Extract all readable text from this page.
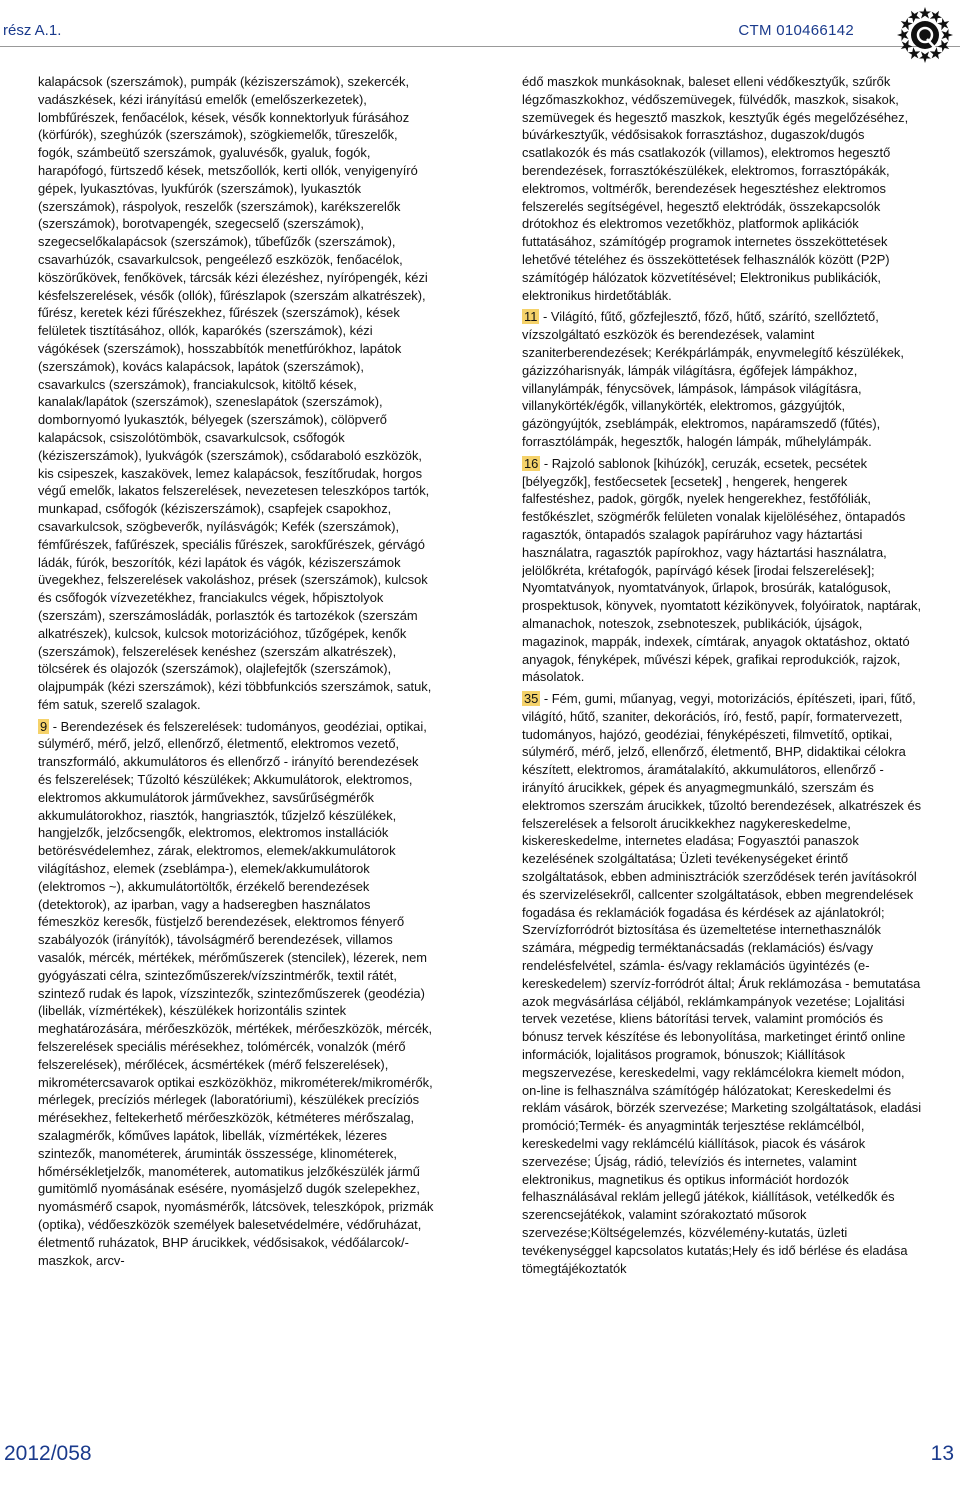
rész A.1.	CTM 010466142

kalapácsok (szerszámok), pumpák (kéziszerszámok), szekercék, vadászkések, kézi irányítású emelők (emelőszerkezetek), lombfűrészek, fenőacélok, kések, vésők konnektorlyuk fúrásához (körfúrók), szeghúzók (szerszámok), szögkiemelők, tűreszelők, fogók, számbeütő szerszámok, gyaluvésők, gyaluk, fogók, harapófogó, fürtszedő kések, metszőollók, kerti ollók, venyigenyíró gépek, lyukasztóvas, lyukfúrók (szerszámok), lyukasztók (szerszámok), ráspolyok, reszelők (szerszámok), karékszerelők (szerszámok), borotvapengék, szegecselő (szerszámok), szegecselőkalapácsok (szerszámok), tűbefűzők (szerszámok), csavarhúzók, csavarkulcsok, pengeélező eszközök, fenőacélok, köszörűkövek, fenőkövek, tárcsák kézi élezéshez, nyírópengék, kézi késfelszerelések, vésők (ollók), fűrészlapok (szerszám alkatrészek), fűrész, keretek kézi fűrészekhez, fűrészek (szerszámok), kések felületek tisztításához, ollók, kaparókés (szerszámok), kézi vágókések (szerszámok), hosszabbítók menetfúrókhoz, lapátok (szerszámok), kovács kalapácsok, lapátok (szerszámok), csavarkulcs (szerszámok), franciakulcsok, kitöltő kések, kanalak/lapátok (szerszámok), szeneslapátok (szerszámok), dombornyomó lyukasztók, bélyegek (szerszámok), cölöpverő kalapácsok, csiszolótömbök, csavarkulcsok, csőfogók (kéziszerszámok), lyukvágók (szerszámok), csődaraboló eszközök, kis csipeszek, kaszakövek, lemez kalapácsok, feszítőrudak, horgos végű emelők, lakatos felszerelések, nevezetesen teleszkópos tartók, munkapad, csőfogók (kéziszerszámok), csapfejek csapokhoz, csavarkulcsok, szögbeverők, nyílásvágók; Kefék (szerszámok), fémfűrészek, fafűrészek, speciális fűrészek, sarokfűrészek, gérvágó ládák, fúrók, beszorítók, kézi lapátok és vágók, kéziszerszámok üvegekhez, felszerelések vakoláshoz, prések (szerszámok), kulcsok és csőfogók vízvezetékhez, franciakulcs végek, hőpisztolyok (szerszám), szerszámosládák, porlasztók és tartozékok (szerszám alkatrészek), kulcsok, kulcsok motorizációhoz, tűzőgépek, kenők (szerszámok), felszerelések kenéshez (szerszám alkatrészek), tölcsérek és olajozók (szerszámok), olajlefejtők (szerszámok), olajpumpák (kézi szerszámok), kézi többfunkciós szerszámok, satuk, fém satuk, szerelő szalagok.

9 - Berendezések és felszerelések: tudományos, geodéziai, optikai, súlymérő, mérő, jelző, ellenőrző, életmentő, elektromos vezető, transzformáló, akkumulátoros és ellenőrző - irányító berendezések és felszerelések; Tűzoltó készülékek; Akkumulátorok, elektromos, elektromos akkumulátorok járművekhez, savsűrűségmérők akkumulátorokhoz, riasztók, hangriasztók, tűzjelző készülékek, hangjelzők, jelzőcsengők, elektromos, elektromos installációk betörésvédelemhez, zárak, elektromos, elemek/akkumulátorok világításhoz, elemek (zseblámpa-), elemek/akkumulátorok (elektromos ~), akkumulátortöltők, érzékelő berendezések (detektorok), az iparban, vagy a hadseregben használatos fémeszköz keresők, füstjelző berendezések, elektromos fényerő szabályozók (irányítók), távolságmérő berendezések, villamos vasalók, mércék, mértékek, mérőműszerek (stencilek), lézerek, nem gyógyászati célra, szintezőműszerek/vízszintmérők, textil rátét, szintező rudak és lapok, vízszintezők, szintezőműszerek (geodézia) (libellák, vízmértékek), készülékek horizontális szintek meghatározására, mérőeszközök, mértékek, mérőeszközök, mércék, felszerelések speciális mérésekhez, tolómércék, vonalzók (mérő felszerelések), mérőlécek, ácsmértékek (mérő felszerelések), mikrométercsavarok optikai eszközökhöz, mikrométerek/mikromérők, mérlegek, precíziós mérlegek (laboratóriumi), készülékek precíziós mérésekhez, feltekerhető mérőeszközök, kétméteres mérőszalag, szalagmérők, kőműves lapátok, libellák, vízmértékek, lézeres szintezők, manométerek, áruminták összessége, klinométerek, hőmérsékletjelzők, manométerek, automatikus jelzőkészülék jármű gumitömlő nyomásának esésére, nyomásjelző dugók szelepekhez, nyomásmérő csapok, nyomásmérők, látcsövek, teleszkópok, prizmák (optika), védőeszközök személyek balesetvédelmére, védőruházat, életmentő ruházatok, BHP árucikkek, védősisakok, védőálarcok/-maszkok, arcv-

édő maszkok munkásoknak, baleset elleni védőkesztyűk, szűrők légzőmaszkokhoz, védőszemüvegek, fülvédők, maszkok, sisakok, szemüvegek és hegesztő maszkok, kesztyűk égés megelőzéséhez, búvárkesztyűk, védősisakok forrasztáshoz, dugaszok/dugós csatlakozók és más csatlakozók (villamos), elektromos hegesztő berendezések, forrasztókészülékek, elektromos, forrasztópákák, elektromos, voltmérők, berendezések hegesztéshez elektromos felszerelés segítségével, hegesztő elektródák, összekapcsolók drótokhoz és elektromos vezetőkhöz, platformok aplikációk futtatásához, számítógép programok internetes összeköttetések lehetővé tételéhez és összeköttetések felhasználók között (P2P) számítógép hálózatok közvetítésével; Elektronikus publikációk, elektronikus hirdetőtáblák.

11 - Világító, fűtő, gőzfejlesztő, főző, hűtő, szárító, szellőztető, vízszolgáltató eszközök és berendezések, valamint szaniterberendezések; Kerékpárlámpák, enyvmelegítő készülékek, gázizzóharisnyák, lámpák világításra, égőfejek lámpákhoz, villanylámpák, fénycsövek, lámpások, lámpások világításra, villanykörték/égők, villanykörték, elektromos, gázgyújtók, gázöngyújtók, zseblámpák, elektromos, napáramszedő (fűtés), forrasztólámpák, hegesztők, halogén lámpák, műhelylámpák.

16 - Rajzoló sablonok [kihúzók], ceruzák, ecsetek, pecsétek [bélyegzők], festőecsetek [ecsetek] , hengerek, hengerek falfestéshez, padok, görgők, nyelek hengerekhez, festőfóliák, festőkészlet, szögmérők felületen vonalak kijelöléséhez, öntapadós ragasztók, öntapadós szalagok papíráruhoz vagy háztartási használatra, ragasztók papírokhoz, vagy háztartási használatra, jelölőkréta, krétafogók, papírvágó kések [irodai felszerelések]; Nyomtatványok, nyomtatványok, űrlapok, brosúrák, katalógusok, prospektusok, könyvek, nyomtatott kézikönyvek, folyóiratok, naptárak, almanachok, noteszok, zsebnoteszek, publikációk, újságok, magazinok, mappák, indexek, címtárak, anyagok oktatáshoz, oktató anyagok, fényképek, művészi képek, grafikai reprodukciók, rajzok, másolatok.

35 - Fém, gumi, műanyag, vegyi, motorizációs, építészeti, ipari, fűtő, világító, hűtő, szaniter, dekorációs, író, festő, papír, formatervezett, tudományos, hajózó, geodéziai, fényképészeti, filmvetítő, optikai, súlymérő, mérő, jelző, ellenőrző, életmentő, BHP, didaktikai célokra készített, elektromos, áramátalakító, akkumulátoros, ellenőrző - irányító árucikkek, gépek és anyagmegmunkáló, szerszám és elektromos szerszám árucikkek, tűzoltó berendezések, alkatrészek és felszerelések a felsorolt árucikkekhez nagykereskedelme, kiskereskedelme, internetes eladása; Fogyasztói panaszok kezelésének szolgáltatása; Üzleti tevékenységeket érintő szolgáltatások, ebben adminisztrációk szerződések terén javításokról és szervizelésekről, callcenter szolgáltatások, ebben megrendelések fogadása és reklamációk fogadása és kérdések az ajánlatokról; Szervízforródrót biztosítása és üzemeltetése internethasználók számára, mégpedig terméktanácsadás (reklamációs) és/vagy rendelésfelvétel, számla- és/vagy reklamációs ügyintézés (e-kereskedelem) szervíz-forródrót által; Áruk reklámozása - bemutatása azok megvásárlása céljából, reklámkampányok vezetése; Lojalitási tervek vezetése, kliens bátorítási tervek, valamint promóciós és bónusz tervek készítése és lebonyolítása, marketinget érintő online információk, lojalitásos programok, bónuszok; Kiállítások megszervezése, kereskedelmi, vagy reklámcélokra kiemelt módon, on-line is felhasználva számítógép hálózatokat; Kereskedelmi és reklám vásárok, börzék szervezése; Marketing szolgáltatások, eladási promóció;Termék- és anyagminták terjesztése reklámcélból, kereskedelmi vagy reklámcélú kiállítások, piacok és vásárok szervezése; Újság, rádió, televíziós és internetes, valamint elektronikus, magnetikus és optikus információt hordozók felhasználásával reklám jellegű játékok, kiállítások, vetélkedők és szerencsejátékok, valamint szórakoztató műsorok szervezése;Költségelemzés, közvélemény-kutatás, üzleti tevékenységgel kapcsolatos kutatás;Hely és idő bérlése és eladása tömegtájékoztatók

2012/058	13
